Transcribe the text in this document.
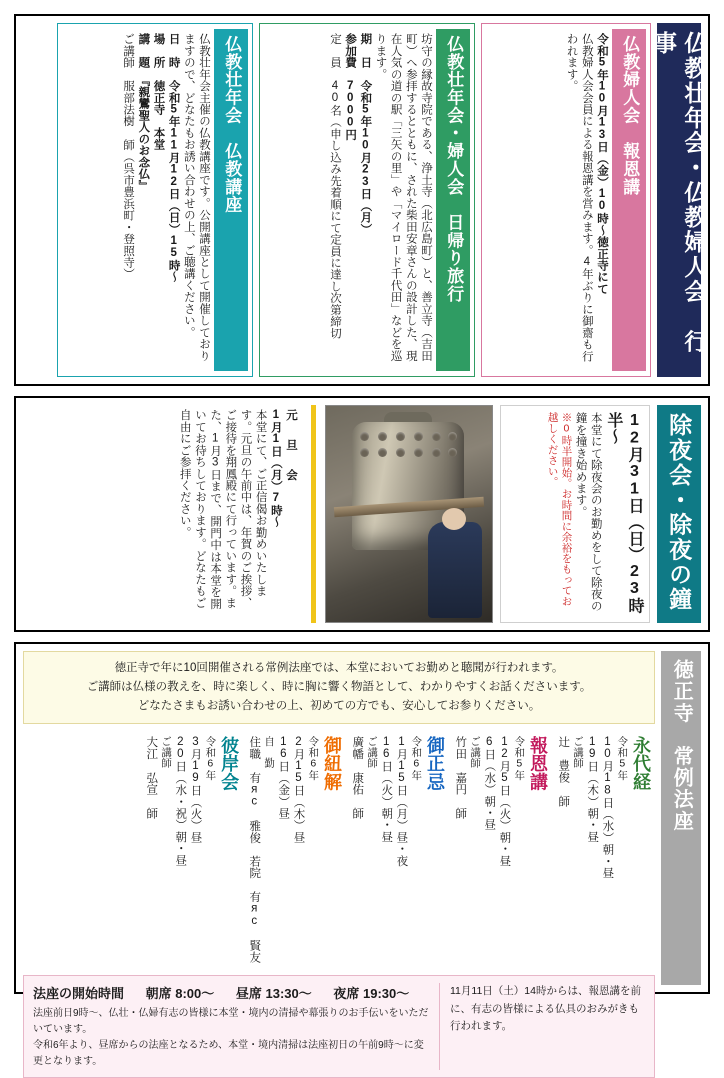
仏教壮年会・仏教婦人会　行事
仏教婦人会　報恩講
令和5年10月13日（金）10時～徳正寺にて
仏教婦人会会員による報恩講を営みます。4年ぶりに御齋も行われます。
仏教壮年会・婦人会　日帰り旅行
坊守の縁故寺院である、浄土寺（北広島町）と、善立寺（吉田町）へ参拝するとともに、された柴田安章さんの設計した、現在人気の道の駅「三矢の里」や「マイロード千代田」などを巡ります。
期　日　令和5年10月23日（月）
参加費　7000円
定　員　40名（申し込み先着順にて定員に達し次第締切
仏教壮年会　仏教講座
仏教壮年会主催の仏教講座です。公開講座として開催しておりますので、どなたもお誘い合わせの上、ご聴講ください。
日　時　令和5年11月12日（日）15時～
場　所　徳正寺　本堂
講　題　『親鸞聖人のお念仏』
ご講師　服部法樹 師（呉市豊浜町・登照寺）
除夜会・除夜の鐘
12月31日（日）23時半～
本堂にて除夜会のお勤めをして除夜の鐘を撞き始めます。
※0時半開始。お時間に余裕をもってお越しください。
元　旦　会
1月1日（月）7時～
本堂にて、ご正信偈お勤めいたします。元旦の午前中は、年賀のご挨拶、ご接待を翔鳳殿にて行っています。また、1月3日まで、開門中は本堂を開いてお待ちしております。どなたもご自由にご参拝ください。
徳正寺　常例法座
徳正寺で年に10回開催される常例法座では、本堂においてお勤めと聴聞が行われます。
ご講師は仏様の教えを、時に楽しく、時に胸に響く物語として、わかりやすくお話くださいます。
どなたさまもお誘い合わせの上、初めての方でも、安心してお参りください。
永代経
令和5年
10月18日（水）朝・昼
19日（木）朝・昼
ご講師
辻　豊俊 師
報恩講
令和5年
12月5日（火）朝・昼
6日（水）朝・昼
ご講師
竹田 嘉円 師
御正忌
令和6年
1月15日（月）昼・夜
16日（火）朝・昼
ご講師
廣幡 康佑 師
御紐解
令和6年
2月15日（木）昼
16日（金）昼
自　勤
住職 有яс 雅俊　若院 有яс 賢友
彼岸会
令和6年
3月19日（火）昼
20日（水・祝）朝・昼
ご講師
大江 弘宣 師
法座の開始時間 朝席 8:00～ 昼席 13:30～ 夜席 19:30～
法座前日9時～、仏壮・仏婦有志の皆様に本堂・境内の清掃や幕張りのお手伝いをいただいています。
令和6年より、昼席からの法座となるため、本堂・境内清掃は法座初日の午前9時～に変更となります。
11月11日（土）14時からは、報恩講を前に、有志の皆様による仏具のおみがきも行われます。
